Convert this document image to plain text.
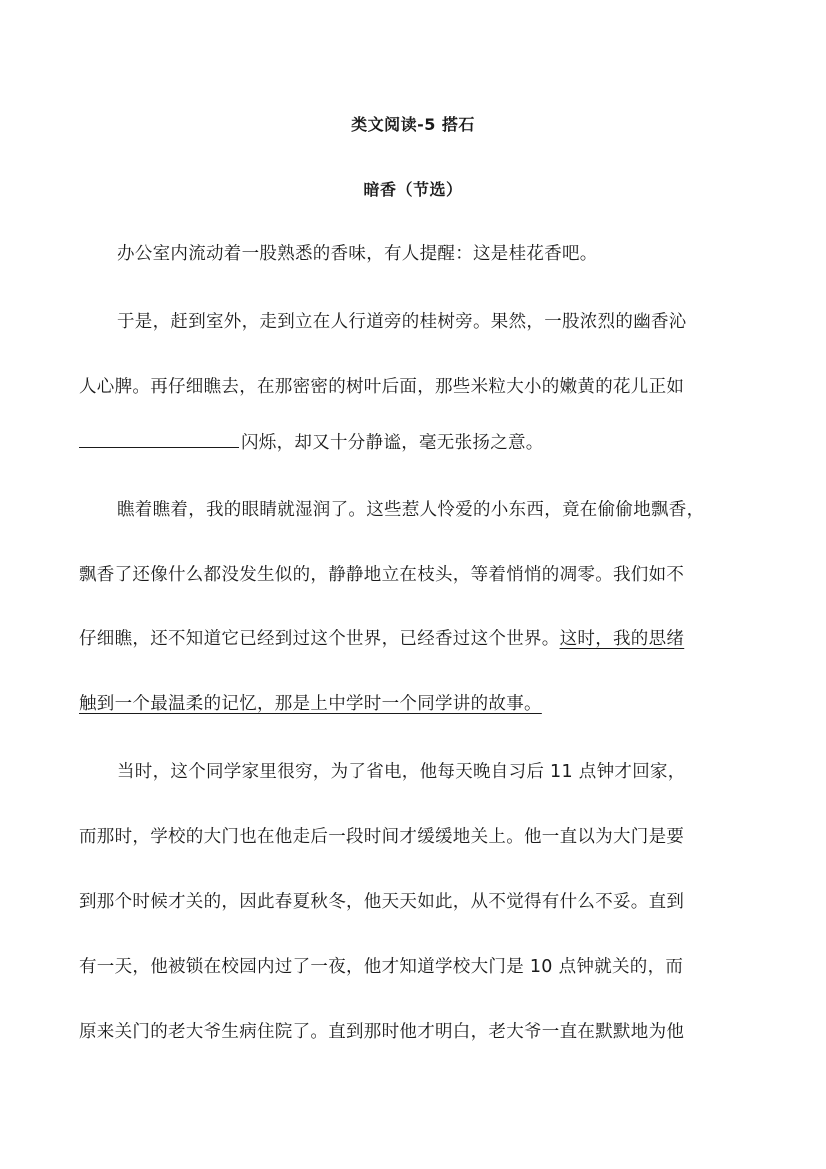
类文阅读-5 搭石
暗香（节选）
办公室内流动着一股熟悉的香味，有人提醒：这是桂花香吧。
于是，赶到室外，走到立在人行道旁的桂树旁。果然，一股浓烈的幽香沁
人心脾。再仔细瞧去，在那密密的树叶后面，那些米粒大小的嫩黄的花儿正如
闪烁，却又十分静谧，毫无张扬之意。
瞧着瞧着，我的眼睛就湿润了。这些惹人怜爱的小东西，竟在偷偷地飘香，
飘香了还像什么都没发生似的，静静地立在枝头，等着悄悄的凋零。我们如不
仔细瞧，还不知道它已经到过这个世界，已经香过这个世界。这时，我的思绪
触到一个最温柔的记忆，那是上中学时一个同学讲的故事。
当时，这个同学家里很穷，为了省电，他每天晚自习后 11 点钟才回家，
而那时，学校的大门也在他走后一段时间才缓缓地关上。他一直以为大门是要
到那个时候才关的，因此春夏秋冬，他天天如此，从不觉得有什么不妥。直到
有一天，他被锁在校园内过了一夜，他才知道学校大门是 10 点钟就关的，而
原来关门的老大爷生病住院了。直到那时他才明白，老大爷一直在默默地为他
